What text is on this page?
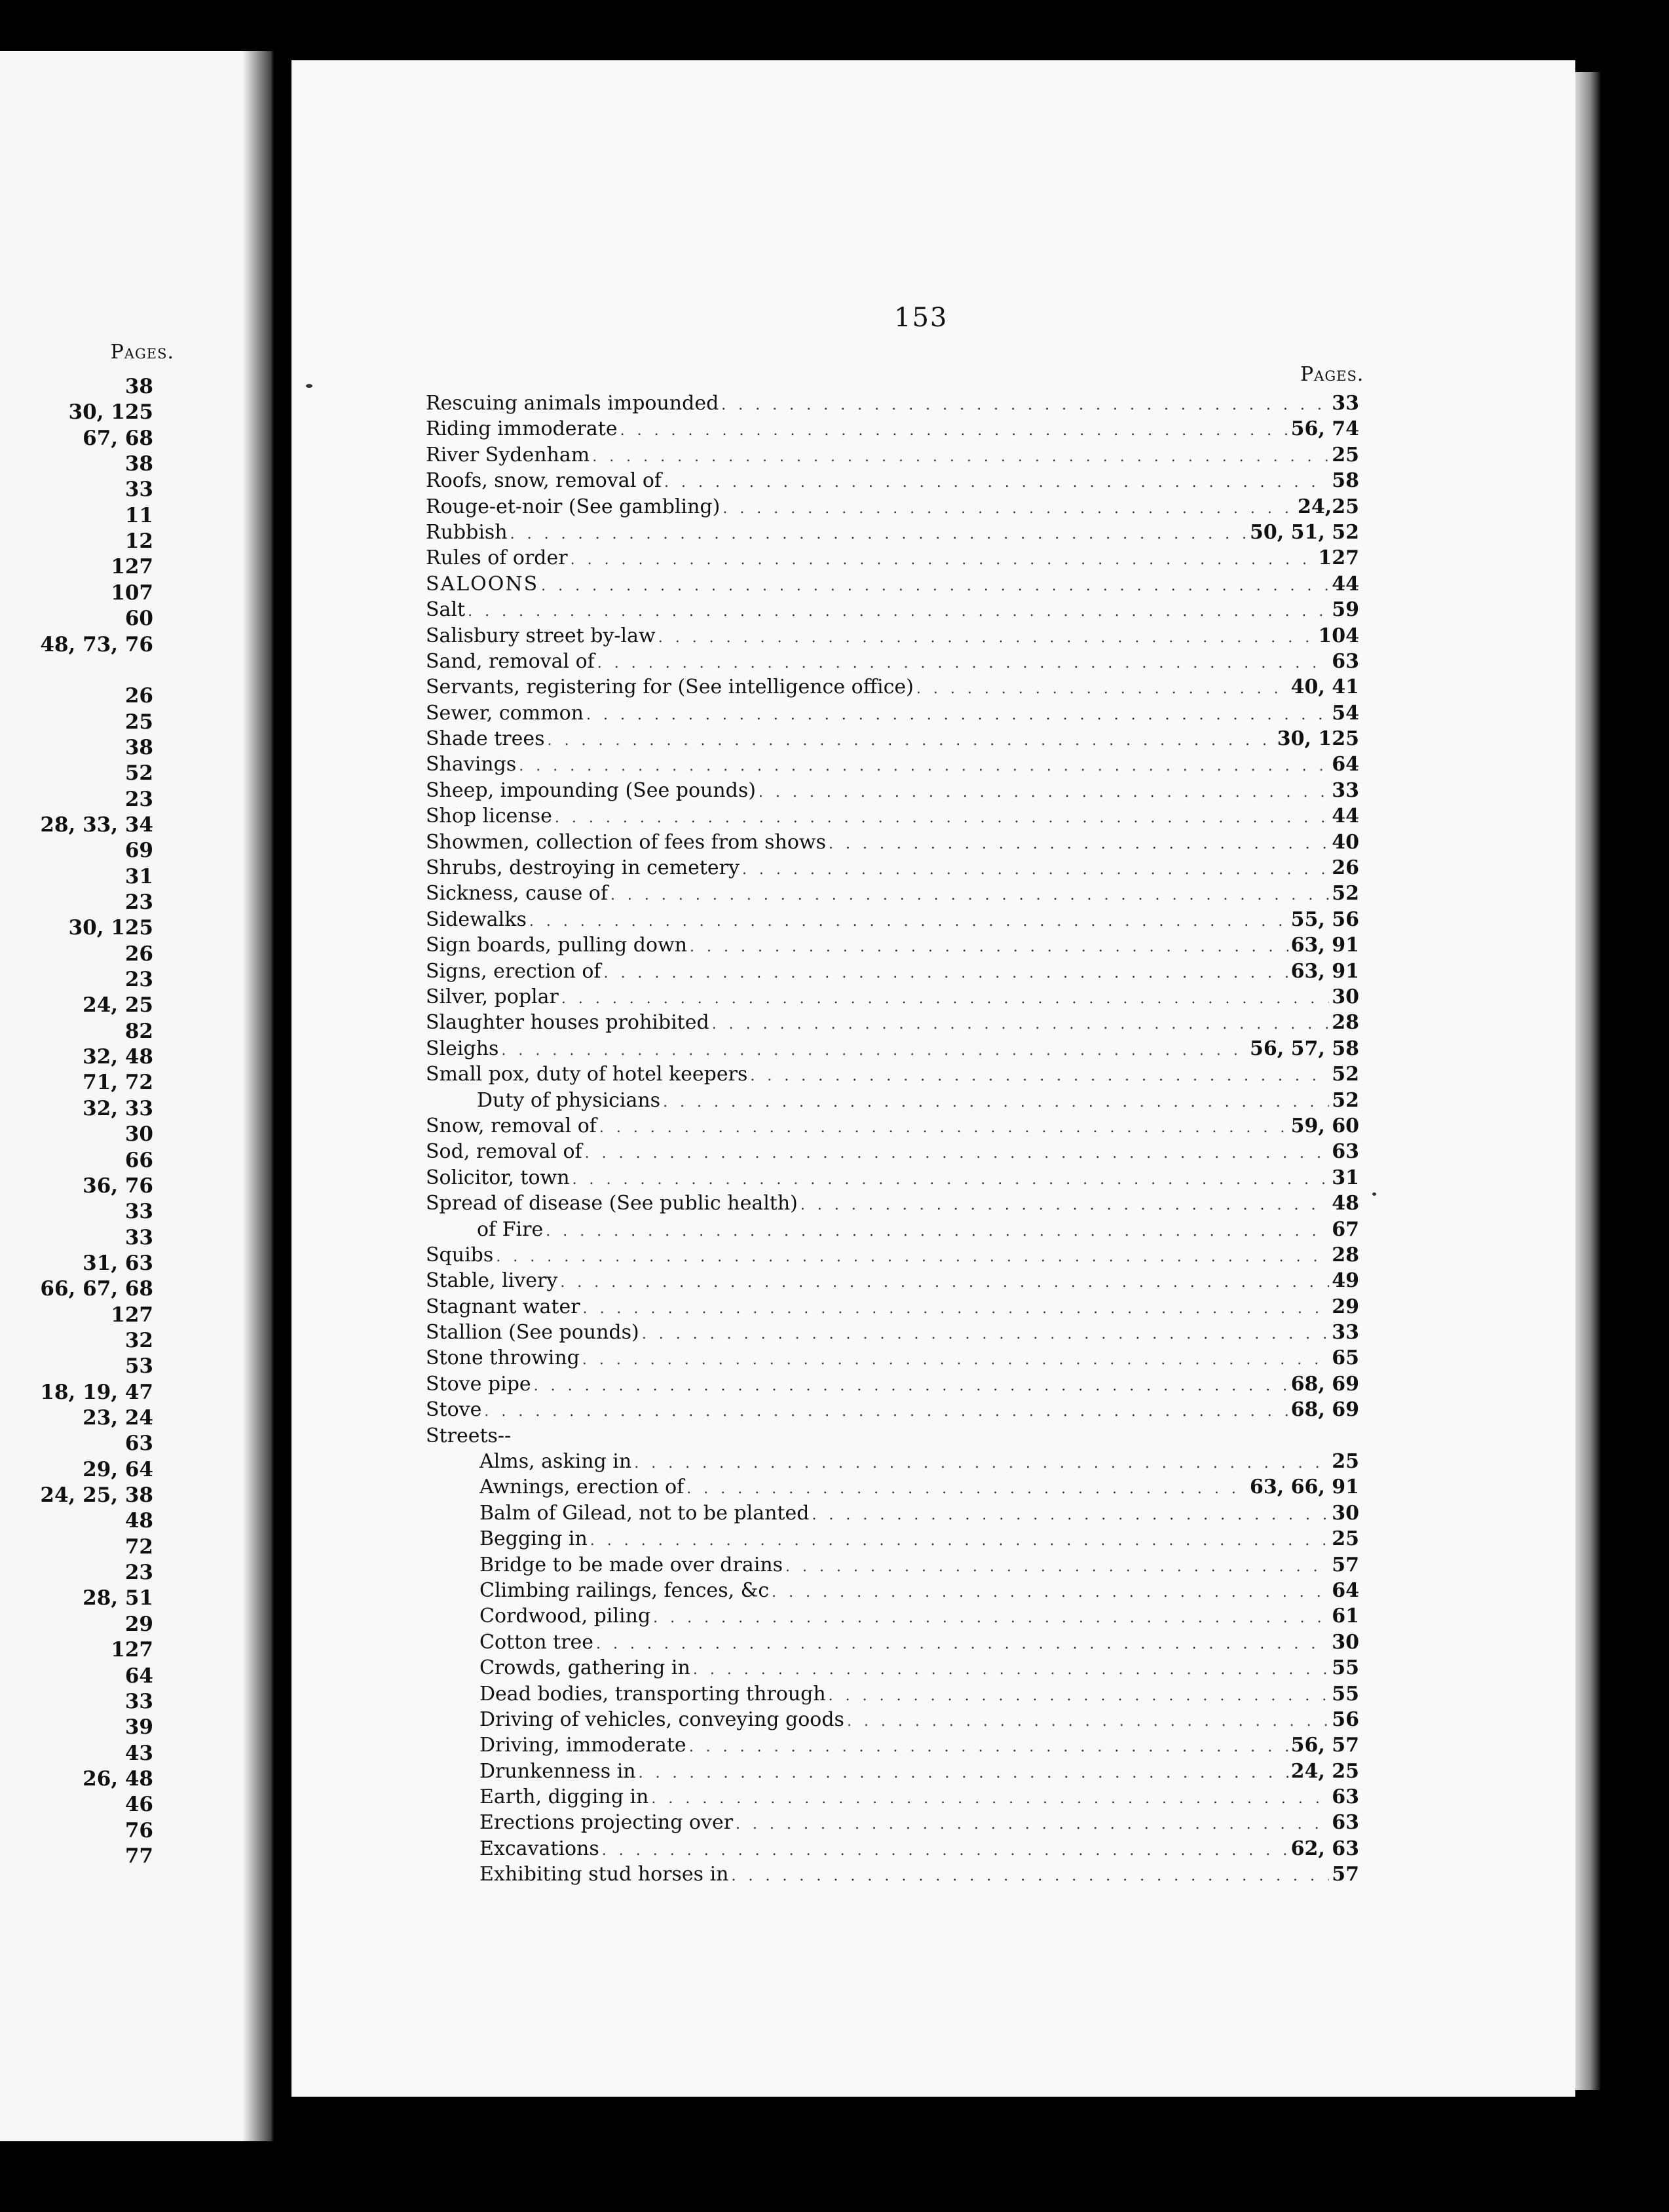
Pages.
38
30, 125
67, 68
38
33
11
12
127
107
60
48, 73, 76
26
25
38
52
23
28, 33, 34
69
31
23
30, 125
26
23
24, 25
82
32, 48
71, 72
32, 33
30
66
36, 76
33
33
31, 63
66, 67, 68
127
32
53
18, 19, 47
23, 24
63
29, 64
24, 25, 38
48
72
23
28, 51
29
127
64
33
39
43
26, 48
46
76
77
153
Pages.
Rescuing animals impounded . . .	33
Riding immoderate . . .	56, 74
River Sydenham . . .	25
Roofs, snow, removal of . . .	58
Rouge-et-noir (See gambling) . . .	24,25
Rubbish . . .	50, 51, 52
Rules of order . . .	127
SALOONS . . .	44
Salt . . .	59
Salisbury street by-law . . .	104
Sand, removal of . . .	63
Servants, registering for (See intelligence office) . . .	40, 41
Sewer, common . . .	54
Shade trees . . .	30, 125
Shavings . . .	64
Sheep, impounding (See pounds) . . .	33
Shop license . . .	44
Showmen, collection of fees from shows . . .	40
Shrubs, destroying in cemetery . . .	26
Sickness, cause of . . .	52
Sidewalks . . .	55, 56
Sign boards, pulling down . . .	63, 91
Signs, erection of . . .	63, 91
Silver, poplar . . .	30
Slaughter houses prohibited . . .	28
Sleighs . . .	56, 57, 58
Small pox, duty of hotel keepers . . .	52
Duty of physicians . . .	52
Snow, removal of . . .	59, 60
Sod, removal of . . .	63
Solicitor, town . . .	31
Spread of disease (See public health) . . .	48
of Fire . . .	67
Squibs . . .	28
Stable, livery . . .	49
Stagnant water . . .	29
Stallion (See pounds) . . .	33
Stone throwing . . .	65
Stove pipe . . .	68, 69
Stove . . .	68, 69
Streets--
Alms, asking in . . .	25
Awnings, erection of . . .	63, 66, 91
Balm of Gilead, not to be planted . . .	30
Begging in . . .	25
Bridge to be made over drains . . .	57
Climbing railings, fences, &c . . .	64
Cordwood, piling . . .	61
Cotton tree . . .	30
Crowds, gathering in . . .	55
Dead bodies, transporting through . . .	55
Driving of vehicles, conveying goods . . .	56
Driving, immoderate . . .	56, 57
Drunkenness in . . .	24, 25
Earth, digging in . . .	63
Erections projecting over . . .	63
Excavations . . .	62, 63
Exhibiting stud horses in . . .	57
